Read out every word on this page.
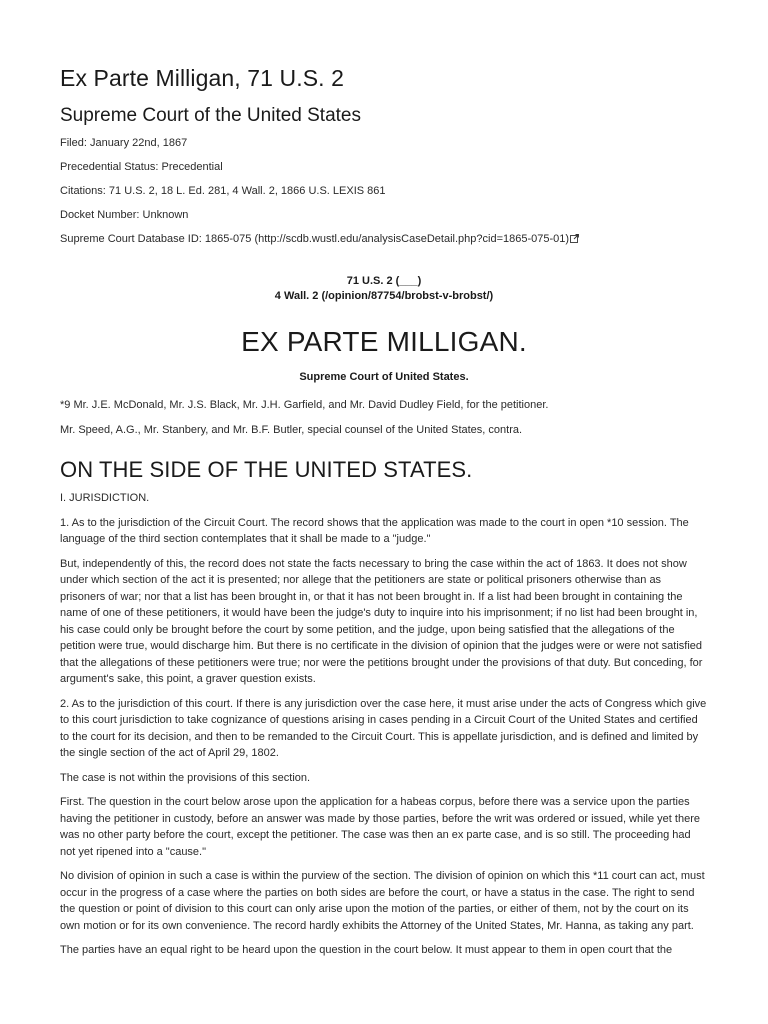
Ex Parte Milligan, 71 U.S. 2
Supreme Court of the United States

Filed: January 22nd, 1867

Precedential Status: Precedential

Citations: 71 U.S. 2, 18 L. Ed. 281, 4 Wall. 2, 1866 U.S. LEXIS 861

Docket Number: Unknown

Supreme Court Database ID: 1865-075 (http://scdb.wustl.edu/analysisCaseDetail.php?cid=1865-075-01)

71 U.S. 2 (___)
4 Wall. 2 (/opinion/87754/brobst-v-brobst/)
EX PARTE MILLIGAN.
Supreme Court of United States.

*9 Mr. J.E. McDonald, Mr. J.S. Black, Mr. J.H. Garfield, and Mr. David Dudley Field, for the petitioner.

Mr. Speed, A.G., Mr. Stanbery, and Mr. B.F. Butler, special counsel of the United States, contra.

ON THE SIDE OF THE UNITED STATES.

I. JURISDICTION.

1. As to the jurisdiction of the Circuit Court. The record shows that the application was made to the court in open *10 session. The language of the third section contemplates that it shall be made to a "judge."

But, independently of this, the record does not state the facts necessary to bring the case within the act of 1863. It does not show under which section of the act it is presented; nor allege that the petitioners are state or political prisoners otherwise than as prisoners of war; nor that a list has been brought in, or that it has not been brought in. If a list had been brought in containing the name of one of these petitioners, it would have been the judge's duty to inquire into his imprisonment; if no list had been brought in, his case could only be brought before the court by some petition, and the judge, upon being satisfied that the allegations of the petition were true, would discharge him. But there is no certificate in the division of opinion that the judges were or were not satisfied that the allegations of these petitioners were true; nor were the petitions brought under the provisions of that duty. But conceding, for argument's sake, this point, a graver question exists.

2. As to the jurisdiction of this court. If there is any jurisdiction over the case here, it must arise under the acts of Congress which give to this court jurisdiction to take cognizance of questions arising in cases pending in a Circuit Court of the United States and certified to the court for its decision, and then to be remanded to the Circuit Court. This is appellate jurisdiction, and is defined and limited by the single section of the act of April 29, 1802.

The case is not within the provisions of this section.

First. The question in the court below arose upon the application for a habeas corpus, before there was a service upon the parties having the petitioner in custody, before an answer was made by those parties, before the writ was ordered or issued, while yet there was no other party before the court, except the petitioner. The case was then an ex parte case, and is so still. The proceeding had not yet ripened into a "cause."

No division of opinion in such a case is within the purview of the section. The division of opinion on which this *11 court can act, must occur in the progress of a case where the parties on both sides are before the court, or have a status in the case. The right to send the question or point of division to this court can only arise upon the motion of the parties, or either of them, not by the court on its own motion or for its own convenience. The record hardly exhibits the Attorney of the United States, Mr. Hanna, as taking any part.

The parties have an equal right to be heard upon the question in the court below. It must appear to them in open court that the
